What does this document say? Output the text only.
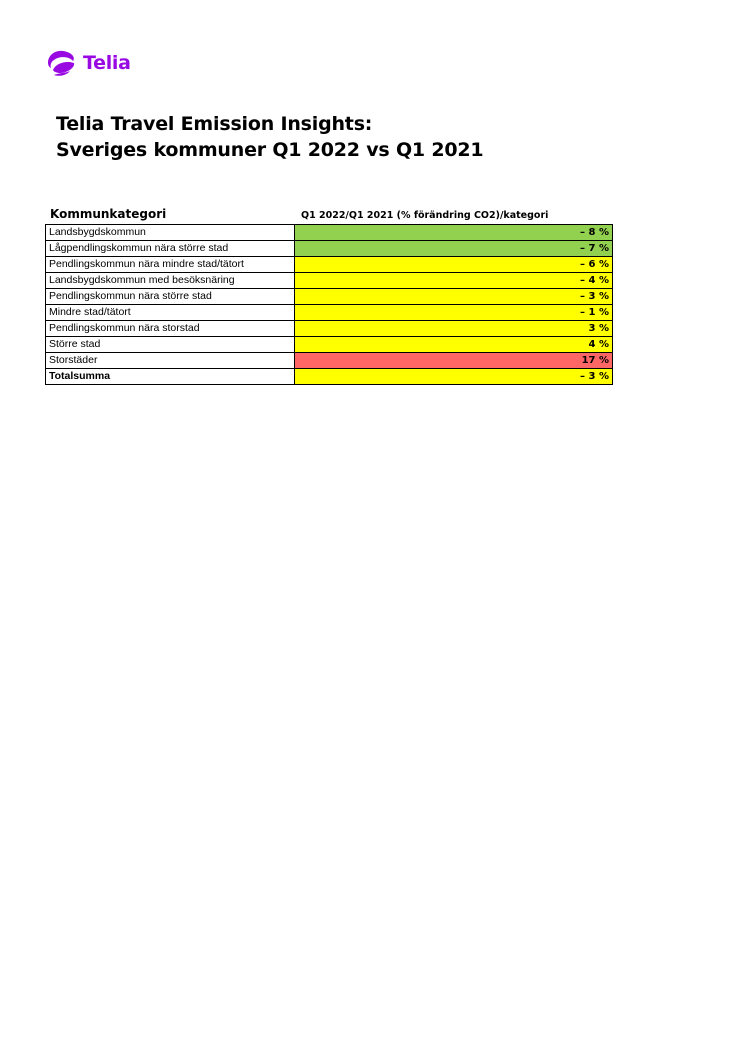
Telia
Telia Travel Emission Insights:
Sveriges kommuner Q1 2022 vs Q1 2021
Kommunkategori	Q1 2022/Q1 2021 (% förändring CO2)/kategori
Landsbygdskommun	– 8 %
Lågpendlingskommun nära större stad	– 7 %
Pendlingskommun nära mindre stad/tätort	– 6 %
Landsbygdskommun med besöksnäring	– 4 %
Pendlingskommun nära större stad	– 3 %
Mindre stad/tätort	– 1 %
Pendlingskommun nära storstad	3 %
Större stad	4 %
Storstäder	17 %
Totalsumma	– 3 %
